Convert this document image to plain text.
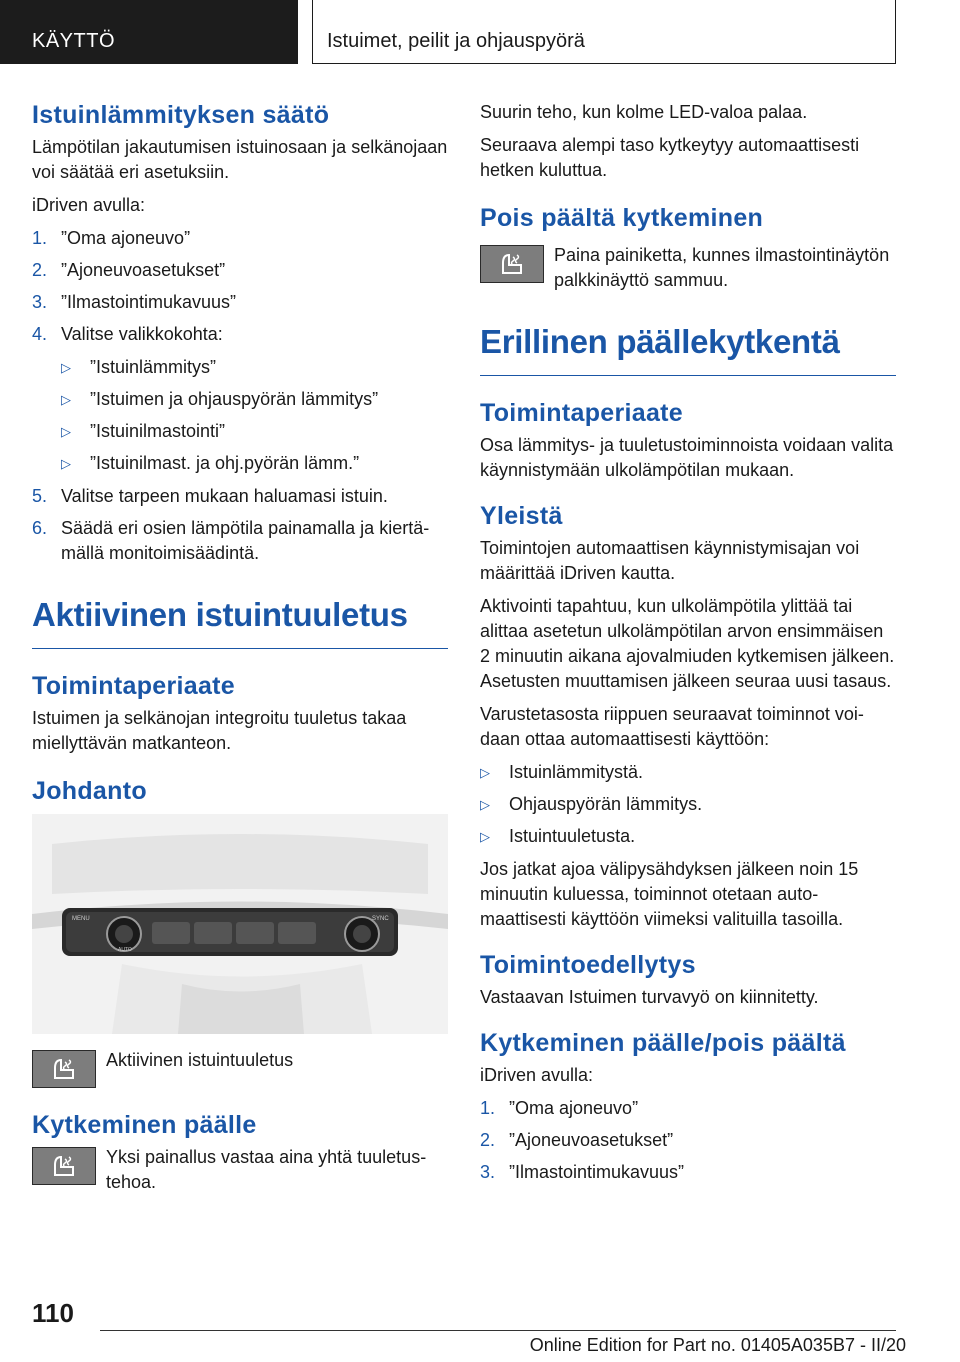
KÄYTTÖ	Istuimet, peilit ja ohjauspyörä
Istuinlämmityksen säätö

Lämpötilan jakautumisen istuinosaan ja selkänojaan voi säätää eri asetuksiin.

iDriven avulla:

1. ”Oma ajoneuvo”
2. ”Ajoneuvoasetukset”
3. ”Ilmastointimukavuus”
4. Valitse valikkokohta:
▷ ”Istuinlämmitys”
▷ ”Istuimen ja ohjauspyörän lämmitys”
▷ ”Istuinilmastointi”
▷ ”Istuinilmast. ja ohj.pyörän lämm.”
5. Valitse tarpeen mukaan haluamasi istuin.
6. Säädä eri osien lämpötila painamalla ja kiertämällä monitoimisäädintä.
Aktiivinen istuintuuletus
Toimintaperiaate

Istuimen ja selkänojan integroitu tuuletus takaa miellyttävän matkanteon.

Johdanto
MENU	SYNC
AUTO
Aktiivinen istuintuuletus
Kytkeminen päälle
Yksi painallus vastaa aina yhtä tuuletustehoa.

Suurin teho, kun kolme LED-valoa palaa.

Seuraava alempi taso kytkeytyy automaattisesti hetken kuluttua.

Pois päältä kytkeminen
Paina painiketta, kunnes ilmastointinäytön palkkinäyttö sammuu.
Erillinen päällekytkentä
Toimintaperiaate

Osa lämmitys- ja tuuletustoiminnoista voidaan valita käynnistymään ulkolämpötilan mukaan.

Yleistä

Toimintojen automaattisen käynnistymisajan voi määrittää iDriven kautta.

Aktivointi tapahtuu, kun ulkolämpötila ylittää tai alittaa asetetun ulkolämpötilan arvon ensimmäisen 2 minuutin aikana ajovalmiuden kytkemisen jälkeen. Asetusten muuttamisen jälkeen seuraa uusi tasaus.

Varustetasosta riippuen seuraavat toiminnot voidaan ottaa automaattisesti käyttöön:

▷ Istuinlämmitystä.
▷ Ohjauspyörän lämmitys.
▷ Istuintuuletusta.

Jos jatkat ajoa välipysähdyksen jälkeen noin 15 minuutin kuluessa, toiminnot otetaan automaattisesti käyttöön viimeksi valituilla tasoilla.

Toimintoedellytys

Vastaavan Istuimen turvavyö on kiinnitetty.

Kytkeminen päälle/pois päältä

iDriven avulla:

1. ”Oma ajoneuvo”
2. ”Ajoneuvoasetukset”
3. ”Ilmastointimukavuus”
110
Online Edition for Part no. 01405A035B7 - II/20
